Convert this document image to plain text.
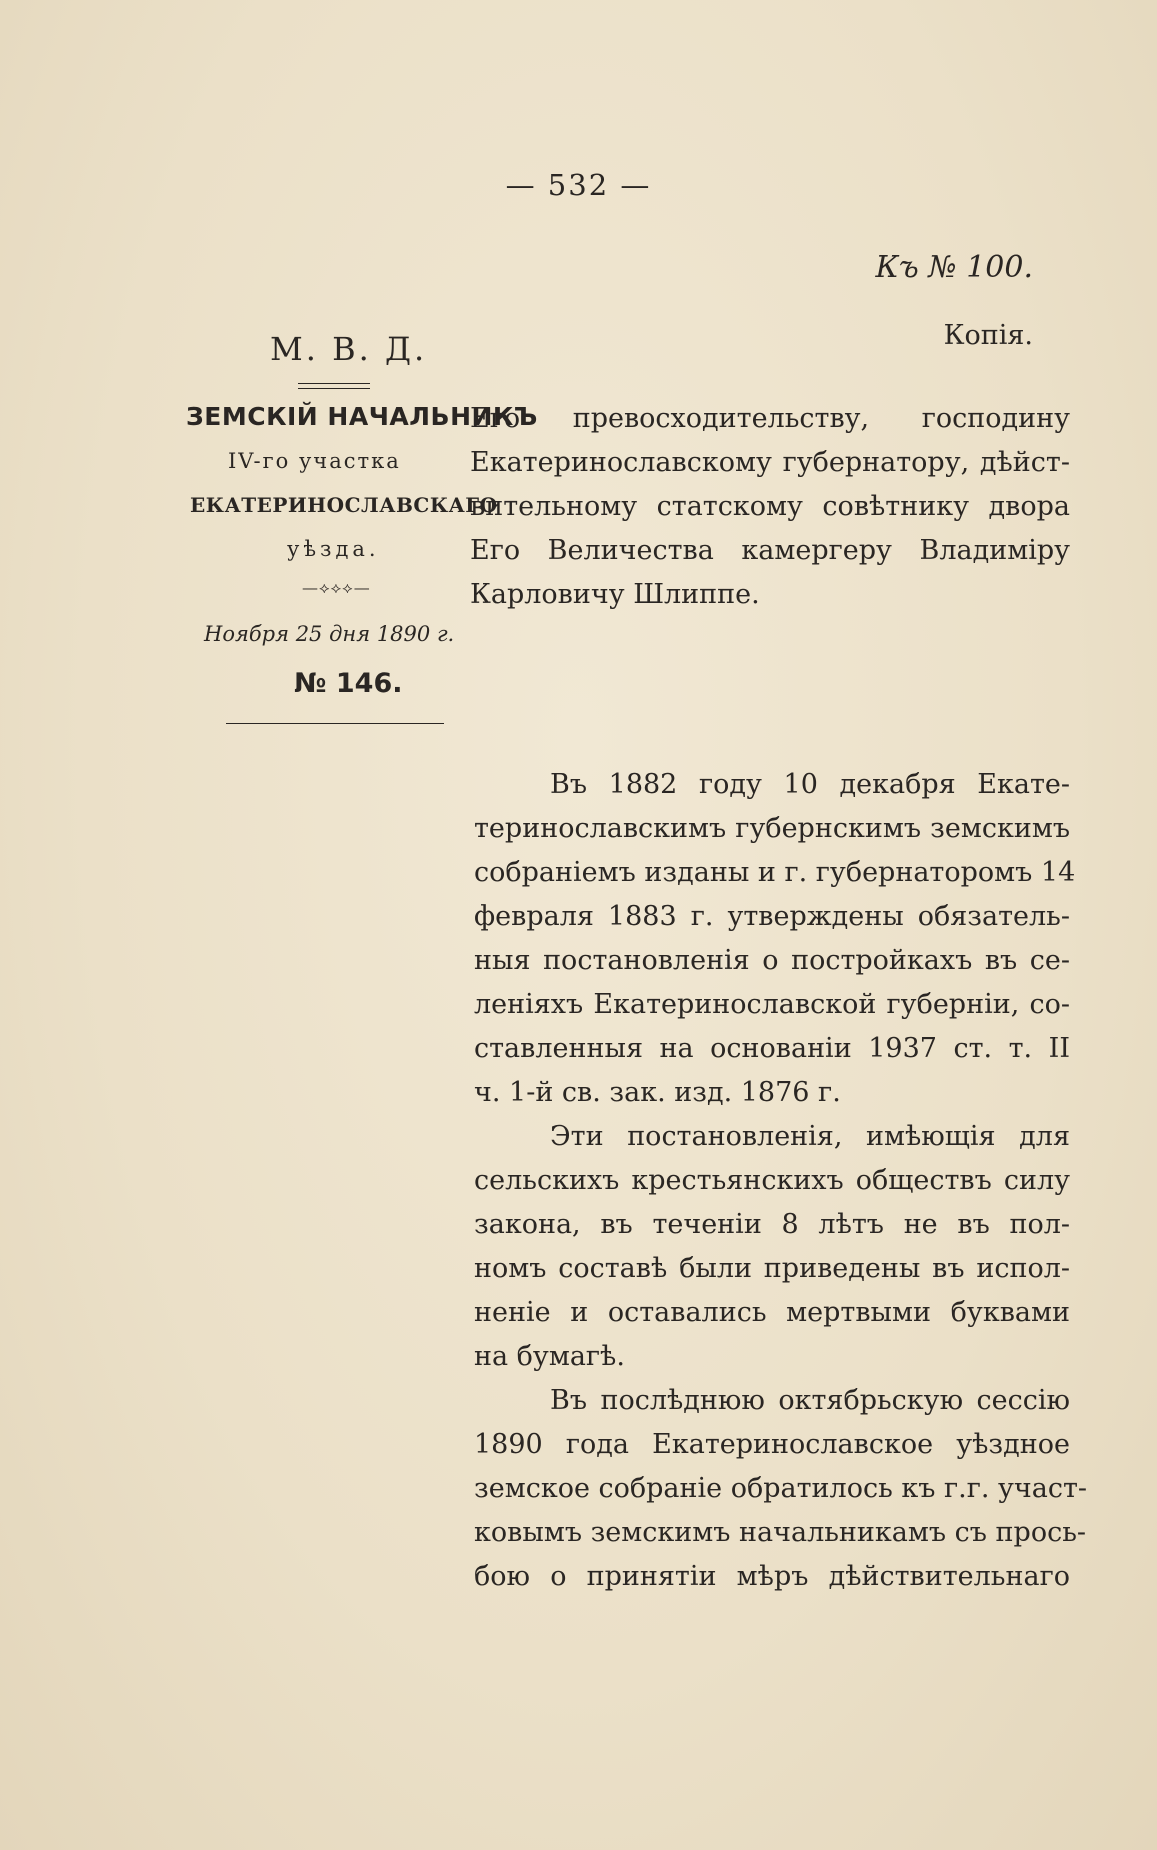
— 532 —
Къ № 100.
Копія.
М. В. Д.
ЗЕМСКІЙ НАЧАЛЬНИКЪ
IV-го участка
ЕКАТЕРИНОСЛАВСКАГО
уѣзда.
—⟡⟡⟡—
Ноября 25 дня 1890 г.
№ 146.
Его превосходительству, господину
Екатеринославскому губернатору, дѣйст-
вительному статскому совѣтнику двора
Его Величества камергеру Владиміру
Карловичу Шлиппе.
Въ 1882 году 10 декабря Екате-
теринославскимъ губернскимъ земскимъ
собраніемъ изданы и г. губернаторомъ 14
февраля 1883 г. утверждены обязатель-
ныя постановленія о постройкахъ въ се-
леніяхъ Екатеринославской губерніи, со-
ставленныя на основаніи 1937 ст. т. II
ч. 1-й св. зак. изд. 1876 г.
Эти постановленія, имѣющія для
сельскихъ крестьянскихъ обществъ силу
закона, въ теченіи 8 лѣтъ не въ пол-
номъ составѣ были приведены въ испол-
неніе и оставались мертвыми буквами
на бумагѣ.
Въ послѣднюю октябрьскую сессію
1890 года Екатеринославское уѣздное
земское собраніе обратилось къ г.г. участ-
ковымъ земскимъ начальникамъ съ прось-
бою о принятіи мѣръ дѣйствительнаго
